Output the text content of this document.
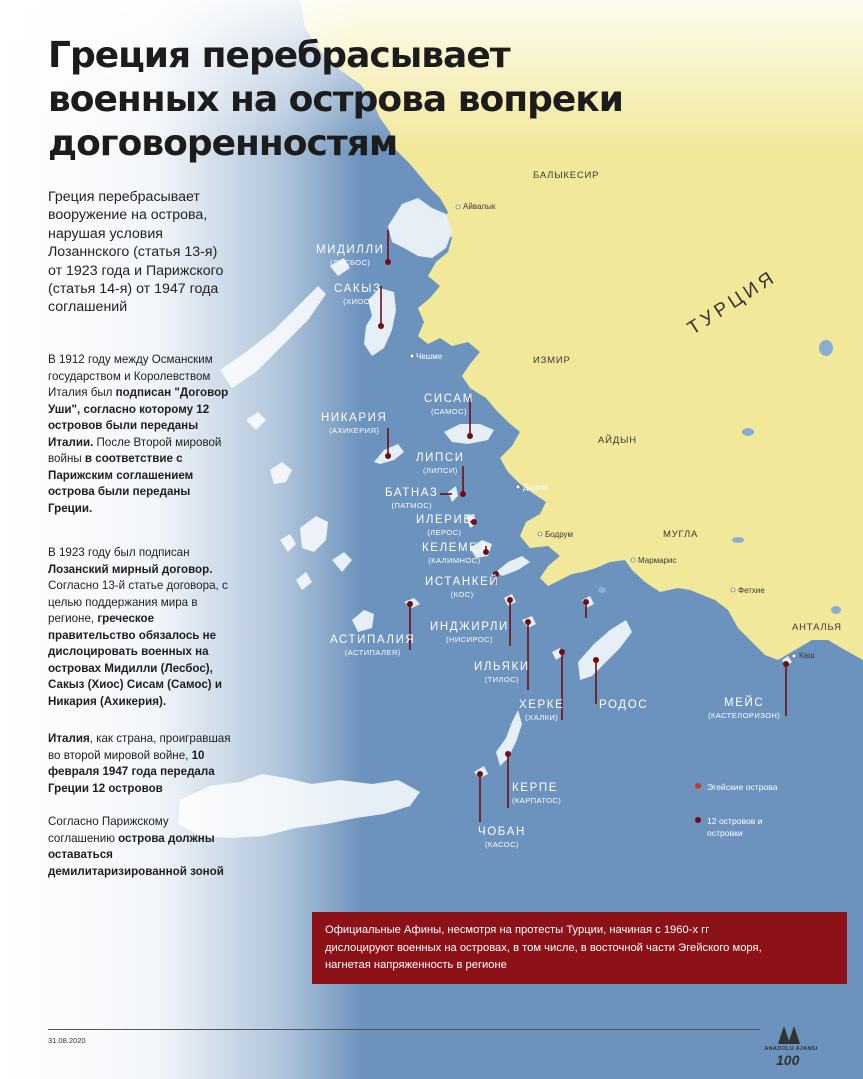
Греция перебрасывает
военных на острова вопреки
договоренностям
Греция перебрасывает
вооружение на острова,
нарушая условия
Лозаннского (статья 13-я)
от 1923 года и Парижского
(статья 14-я) от 1947 года
соглашений
В 1912 году между Османским
государством и Королевством
Италия был подписан "Договор
Уши", согласно которому 12
островов были переданы
Италии. После Второй мировой
войны в соответствие с
Парижским соглашением
острова были переданы
Греции.
В 1923 году был подписан
Лозанский мирный договор.
Согласно 13-й статье договора, с
целью поддержания мира в
регионе, греческое
правительство обязалось не
дислоцировать военных на
островах Мидилли (Лесбос),
Сакыз (Хиос) Сисам (Самос) и
Никария (Ахикерия).
Италия, как страна, проигравшая
во второй мировой войне, 10
февраля 1947 года передала
Греции 12 островов
Согласно Парижскому
соглашению острова должны
оставаться
демилитаризированной зоной
МИДИЛЛИ
(ЛЕСБОС)
САКЫЗ
(ХИОС)
НИКАРИЯ
(АХИКЕРИЯ)
СИСАМ
(САМОС)
ЛИПСИ
(ЛИПСИ)
БАТНАЗ
(ПАТМОС)
ИЛЕРИЕ
(ЛЕРОС)
КЕЛЕМЕЗ
(КАЛИМНОС)
ИСТАНКЕЙ
(КОС)
АСТИПАЛИЯ
(АСТИПАЛЕЯ)
ИНДЖИРЛИ
(НИСИРОС)
ИЛЬЯКИ
(ТИЛОС)
ХЕРКЕ
(ХАЛКИ)
РОДОС	МЕЙС
(КАСТЕЛОРИЗОН)
КЕРПЕ
(КАРПАТОС)
ЧОБАН
(КАСОС)
БАЛЫКЕСИР
ИЗМИР
АЙДЫН
МУГЛА
АНТАЛЬЯ
ТУРЦИЯ
Айвалык
Чешме
Дидим
Бодрум
Мармарис
Фетхие
Каш
Эгейские острова
12 островов и
островки
Официальные Афины, несмотря на протесты Турции, начиная с 1960-х гг
дислоцируют военных на островах, в том числе, в восточной части Эгейского моря,
нагнетая напряженность в регионе
31.08.2020
ANADOLU AJANSI
100
